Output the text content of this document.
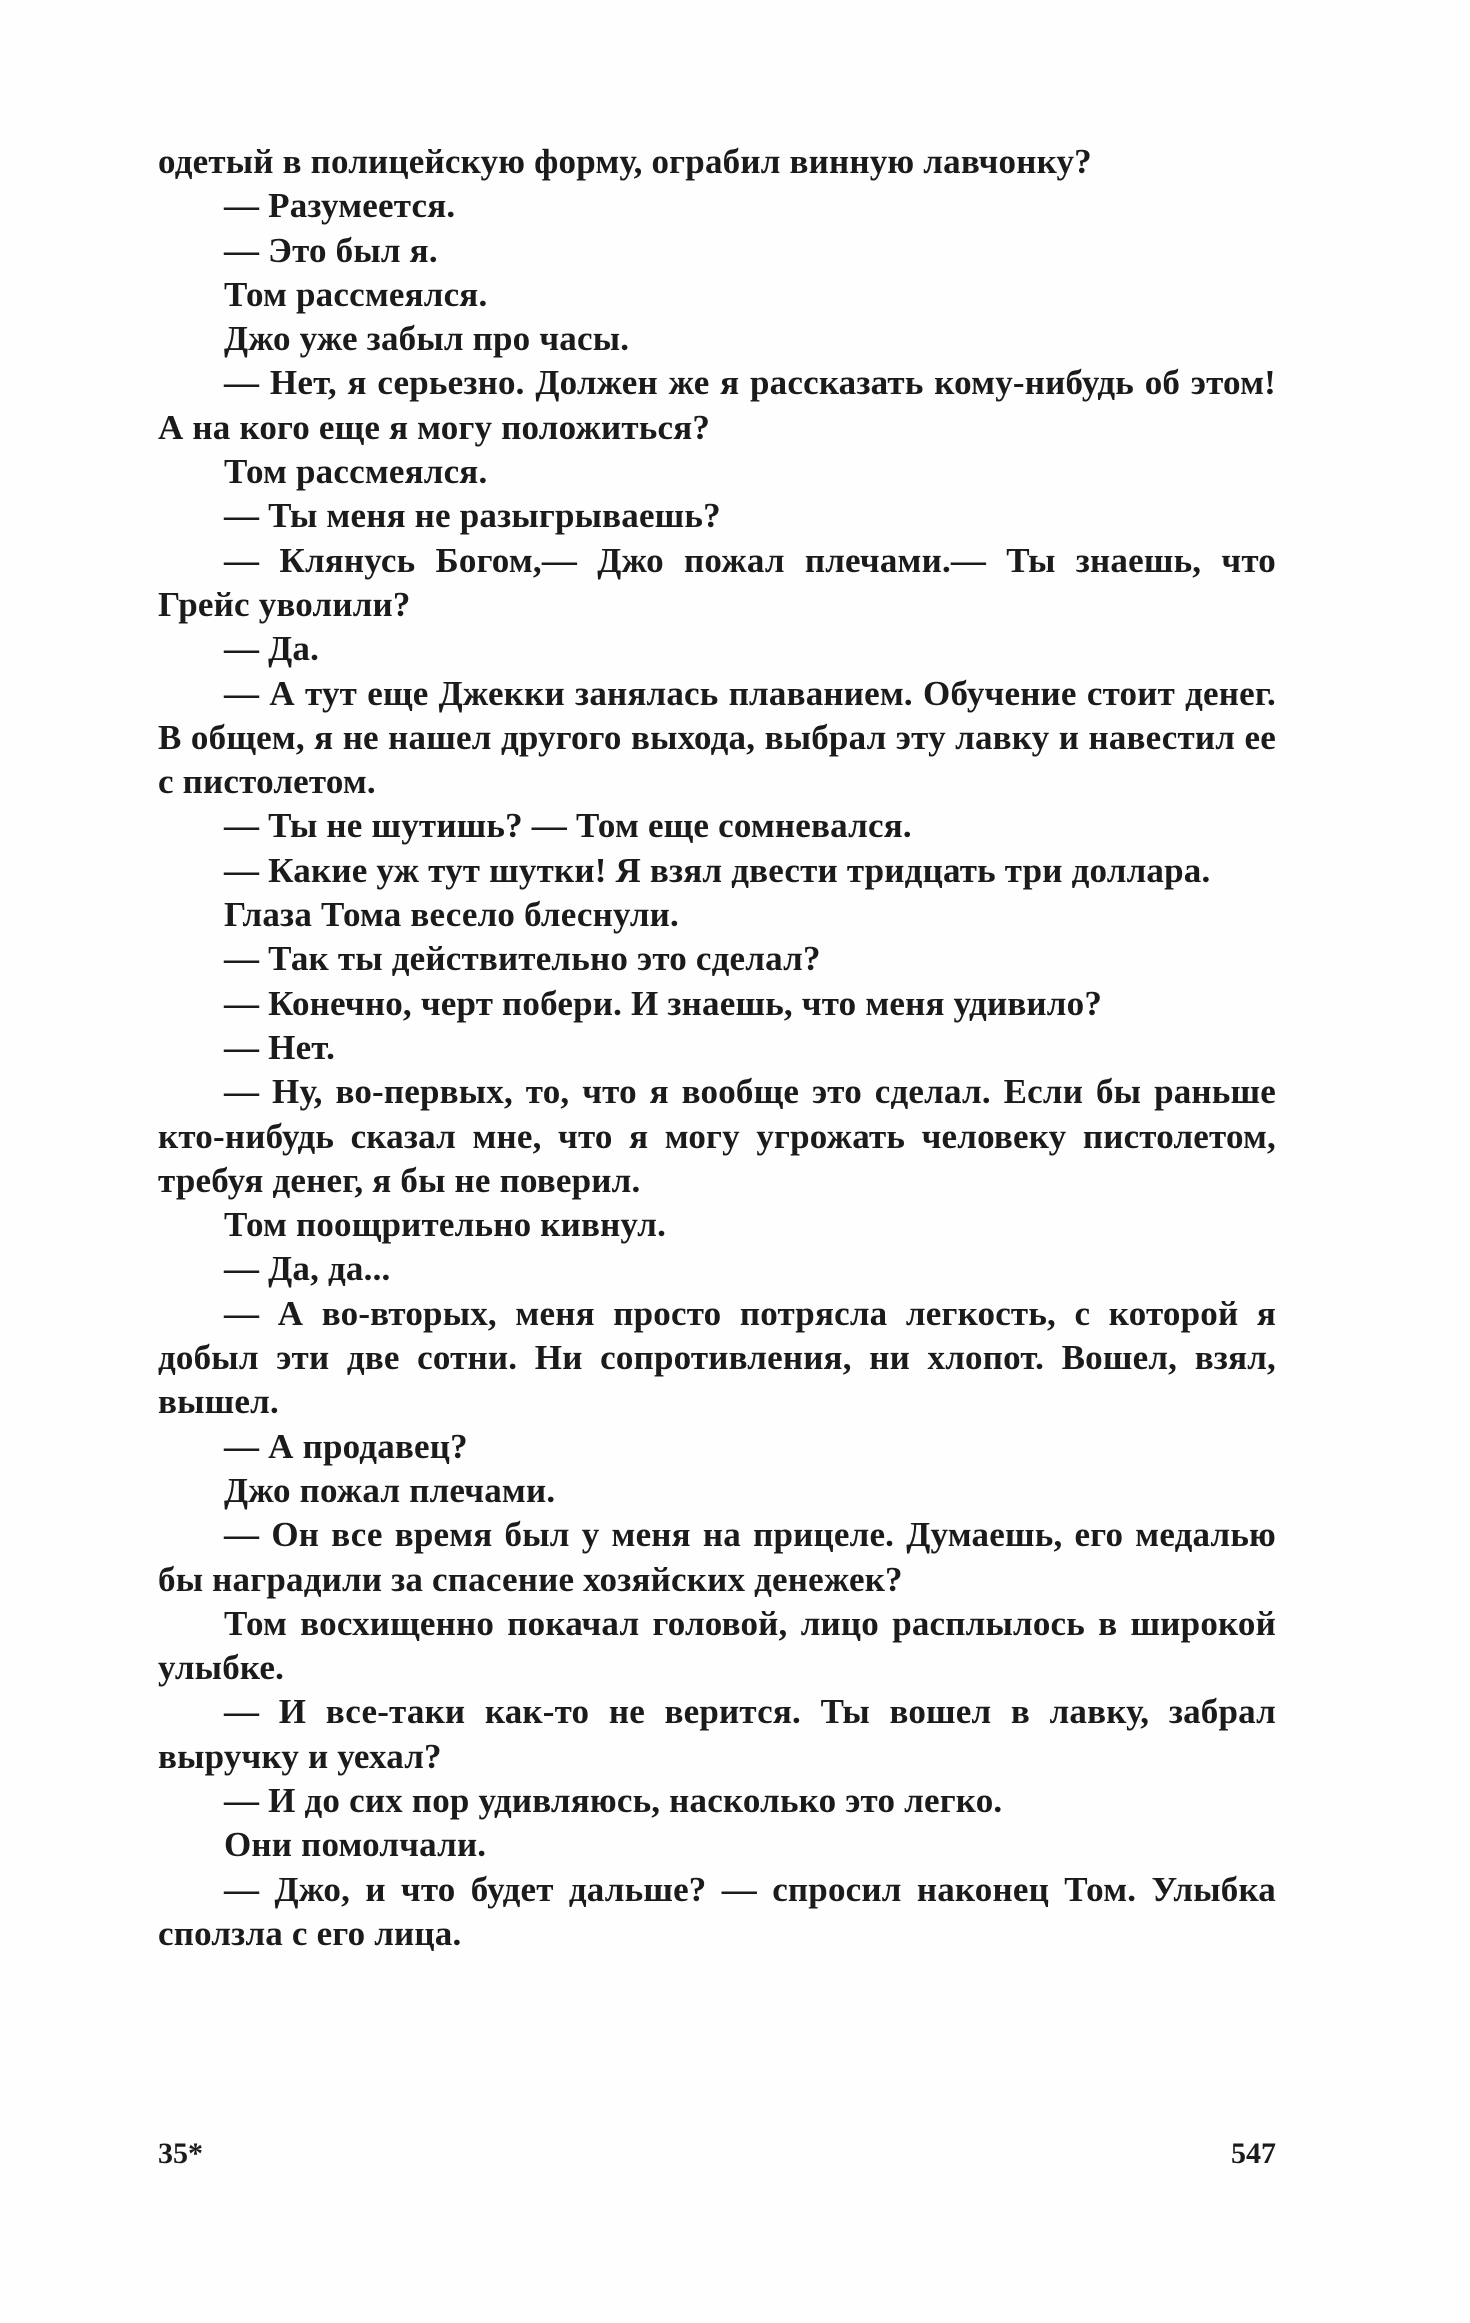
одетый в полицейскую форму, ограбил винную лавчонку?

— Разумеется.

— Это был я.

Том рассмеялся.

Джо уже забыл про часы.

— Нет, я серьезно. Должен же я рассказать кому-нибудь об этом! А на кого еще я могу положиться?

Том рассмеялся.

— Ты меня не разыгрываешь?

— Клянусь Богом,— Джо пожал плечами.— Ты знаешь, что Грейс уволили?

— Да.

— А тут еще Джекки занялась плаванием. Обучение стоит денег. В общем, я не нашел другого выхода, выбрал эту лавку и навестил ее с пистолетом.

— Ты не шутишь? — Том еще сомневался.

— Какие уж тут шутки! Я взял двести тридцать три доллара.

Глаза Тома весело блеснули.

— Так ты действительно это сделал?

— Конечно, черт побери. И знаешь, что меня удивило?

— Нет.

— Ну, во-первых, то, что я вообще это сделал. Если бы раньше кто-нибудь сказал мне, что я могу угрожать человеку пистолетом, требуя денег, я бы не поверил.

Том поощрительно кивнул.

— Да, да...

— А во-вторых, меня просто потрясла легкость, с которой я добыл эти две сотни. Ни сопротивления, ни хлопот. Вошел, взял, вышел.

— А продавец?

Джо пожал плечами.

— Он все время был у меня на прицеле. Думаешь, его медалью бы наградили за спасение хозяйских денежек?

Том восхищенно покачал головой, лицо расплылось в широкой улыбке.

— И все-таки как-то не верится. Ты вошел в лавку, забрал выручку и уехал?

— И до сих пор удивляюсь, насколько это легко.

Они помолчали.

— Джо, и что будет дальше? — спросил наконец Том. Улыбка сползла с его лица.

35*	547
